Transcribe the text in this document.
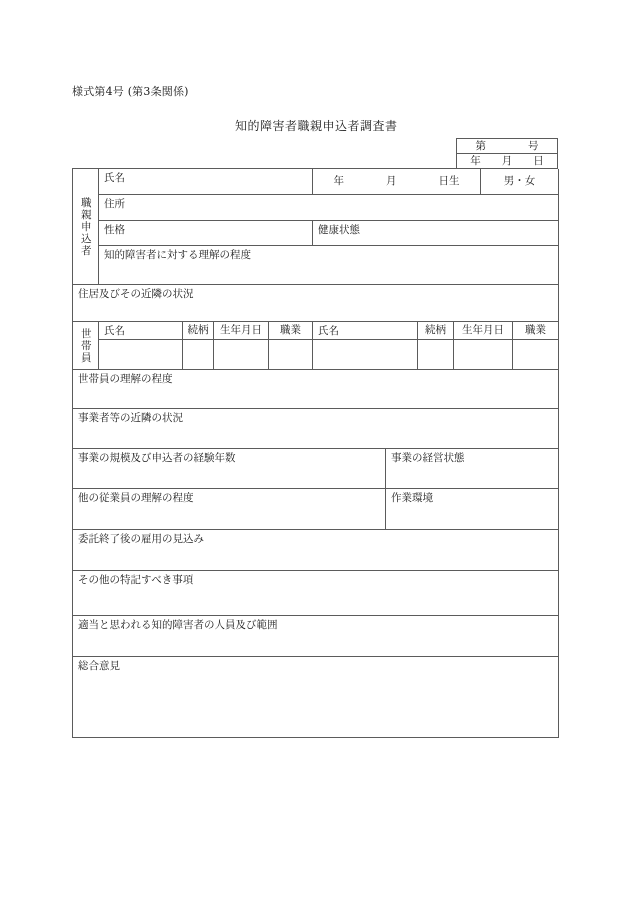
様式第4号 (第3条関係)
知的障害者職親申込者調査書
第　　　　号
年　　月　　日
職親申込者
氏名	年　　　　月　　　　日生	男・女
住所
性格	健康状態
知的障害者に対する理解の程度
住居及びその近隣の状況
世帯員	氏名	続柄 生年月日 職業	氏名	続柄 生年月日 職業
世帯員の理解の程度
事業者等の近隣の状況
事業の規模及び申込者の経験年数	事業の経営状態
他の従業員の理解の程度	作業環境
委託終了後の雇用の見込み
その他の特記すべき事項
適当と思われる知的障害者の人員及び範囲
総合意見
